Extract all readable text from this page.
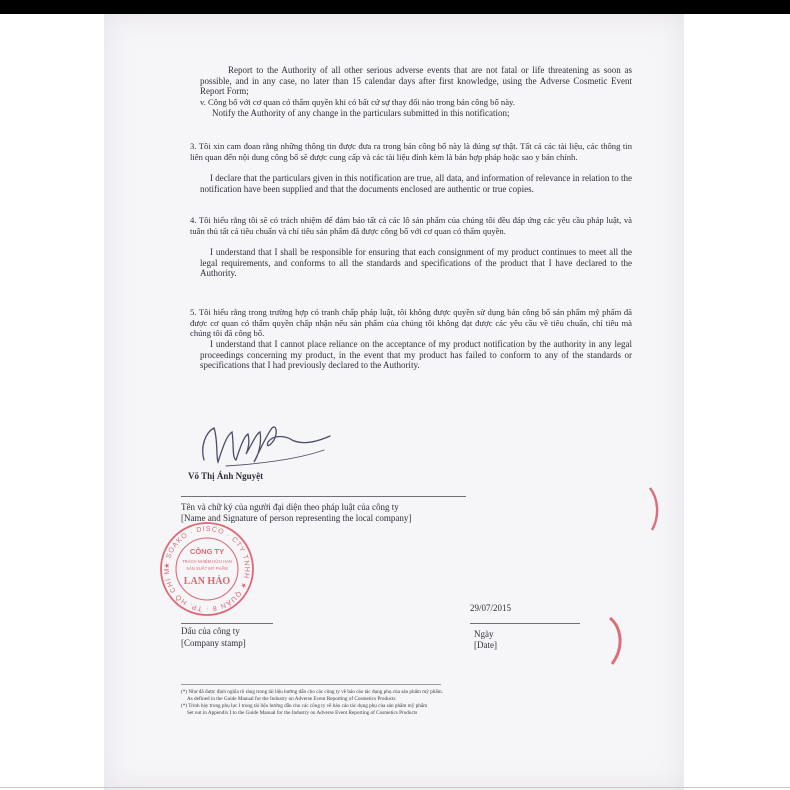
Report to the Authority of all other serious adverse events that are not fatal or life threatening as soon as possible, and in any case, no later than 15 calendar days after first knowledge, using the Adverse Cosmetic Event Report Form;

v. Công bố với cơ quan có thẩm quyền khi có bất cứ sự thay đổi nào trong bản công bố này.

Notify the Authority of any change in the particulars submitted in this notification;

3. Tôi xin cam đoan rằng những thông tin được đưa ra trong bản công bố này là đúng sự thật. Tất cả các tài liệu, các thông tin liên quan đến nội dung công bố sẽ được cung cấp và các tài liệu đính kèm là bản hợp pháp hoặc sao y bản chính.

I declare that the particulars given in this notification are true, all data, and information of relevance in relation to the notification have been supplied and that the documents enclosed are authentic or true copies.

4. Tôi hiểu rằng tôi sẽ có trách nhiệm để đảm bảo tất cả các lô sản phẩm của chúng tôi đều đáp ứng các yêu cầu pháp luật, và tuân thủ tất cả tiêu chuẩn và chỉ tiêu sản phẩm đã được công bố với cơ quan có thẩm quyền.

I understand that I shall be responsible for ensuring that each consignment of my product continues to meet all the legal requirements, and conforms to all the standards and specifications of the product that I have declared to the Authority.

5. Tôi hiểu rằng trong trường hợp có tranh chấp pháp luật, tôi không được quyền sử dụng bản công bố sản phẩm mỹ phẩm đã được cơ quan có thẩm quyền chấp nhận nếu sản phẩm của chúng tôi không đạt được các yêu cầu về tiêu chuẩn, chỉ tiêu mà chúng tôi đã công bố.

I understand that I cannot place reliance on the acceptance of my product notification by the authority in any legal proceedings concerning my product, in the event that my product has failed to conform to any of the standards or specifications that I had previously declared to the Authority.

Võ Thị Ánh Nguyệt
Tên và chữ ký của người đại diện theo pháp luật của công ty
[Name and Signature of person representing the local company]
★ SOAKO · DISCO · CTY TNHH ★ QUẬN 8 · TP. HỒ CHÍ M
CÔNG TY
TRÁCH NHIỆM HỮU HẠN
SẢN XUẤT MỸ PHẨM
LAN HẢO
Dấu của công ty
[Company stamp]
29/07/2015
Ngày
[Date]
(*) Như đã được định nghĩa rõ ràng trong tài liệu hướng dẫn cho các công ty về báo cáo tác dụng phụ của sản phẩm mỹ phẩm.
As defined in the Guide Manual for the Industry on Adverse Event Reporting of Cosmetics Products
(*) Trình bày trong phụ lục I trong tài liệu hướng dẫn cho các công ty về báo cáo tác dụng phụ của sản phẩm mỹ phẩm
Set out in Appendix I to the Guide Manual for the Industry on Adverse Event Reporting of Cosmetics Products
